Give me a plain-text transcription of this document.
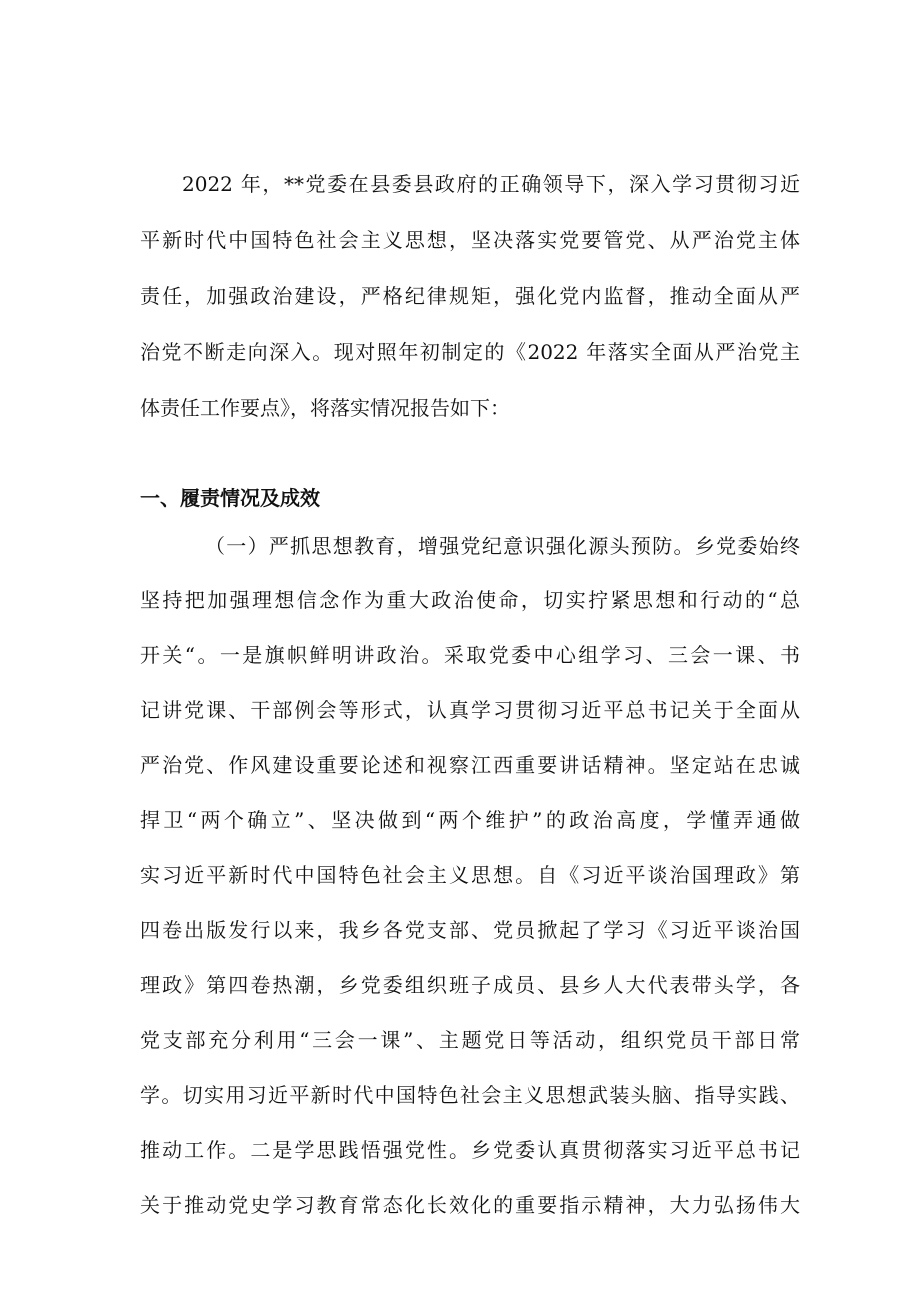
2022 年，**党委在县委县政府的正确领导下，深入学习贯彻习近
平新时代中国特色社会主义思想，坚决落实党要管党、从严治党主体
责任，加强政治建设，严格纪律规矩，强化党内监督，推动全面从严
治党不断走向深入。现对照年初制定的《2022 年落实全面从严治党主
体责任工作要点》，将落实情况报告如下：
一、履责情况及成效
（一）严抓思想教育，增强党纪意识强化源头预防。乡党委始终
坚持把加强理想信念作为重大政治使命，切实拧紧思想和行动的“总
开关“。一是旗帜鲜明讲政治。采取党委中心组学习、三会一课、书
记讲党课、干部例会等形式，认真学习贯彻习近平总书记关于全面从
严治党、作风建设重要论述和视察江西重要讲话精神。坚定站在忠诚
捍卫“两个确立”、坚决做到“两个维护”的政治高度，学懂弄通做
实习近平新时代中国特色社会主义思想。自《习近平谈治国理政》第
四卷出版发行以来，我乡各党支部、党员掀起了学习《习近平谈治国
理政》第四卷热潮，乡党委组织班子成员、县乡人大代表带头学，各
党支部充分利用“三会一课”、主题党日等活动，组织党员干部日常
学。切实用习近平新时代中国特色社会主义思想武装头脑、指导实践、
推动工作。二是学思践悟强党性。乡党委认真贯彻落实习近平总书记
关于推动党史学习教育常态化长效化的重要指示精神，大力弘扬伟大
